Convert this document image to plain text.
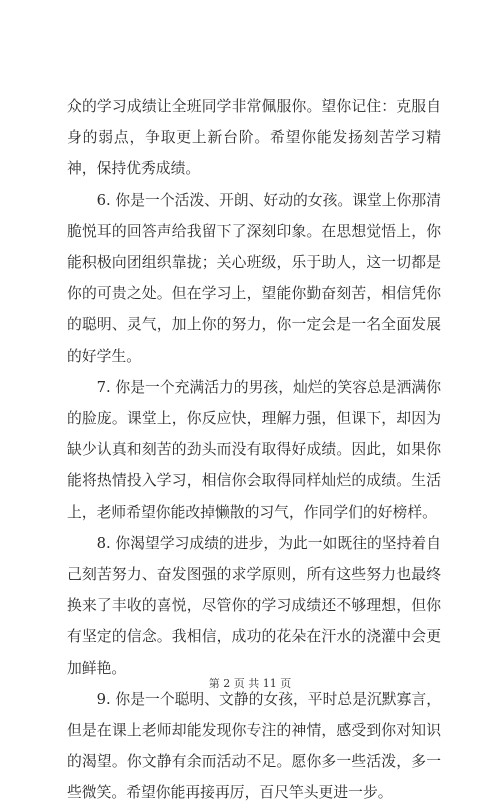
众的学习成绩让全班同学非常佩服你。望你记住：克服自身的弱点，争取更上新台阶。希望你能发扬刻苦学习精神，保持优秀成绩。

6. 你是一个活泼、开朗、好动的女孩。课堂上你那清脆悦耳的回答声给我留下了深刻印象。在思想觉悟上，你能积极向团组织靠拢；关心班级，乐于助人，这一切都是你的可贵之处。但在学习上，望能你勤奋刻苦，相信凭你的聪明、灵气，加上你的努力，你一定会是一名全面发展的好学生。

7. 你是一个充满活力的男孩，灿烂的笑容总是洒满你的脸庞。课堂上，你反应快，理解力强，但课下，却因为缺少认真和刻苦的劲头而没有取得好成绩。因此，如果你能将热情投入学习，相信你会取得同样灿烂的成绩。生活上，老师希望你能改掉懒散的习气，作同学们的好榜样。

8. 你渴望学习成绩的进步，为此一如既往的坚持着自己刻苦努力、奋发图强的求学原则，所有这些努力也最终换来了丰收的喜悦，尽管你的学习成绩还不够理想，但你有坚定的信念。我相信，成功的花朵在汗水的浇灌中会更加鲜艳。

9. 你是一个聪明、文静的女孩，平时总是沉默寡言，但是在课上老师却能发现你专注的神情，感受到你对知识的渴望。你文静有余而活动不足。愿你多一些活泼，多一些微笑。希望你能再接再厉，百尺竿头更进一步。

第 2 页 共 11 页
